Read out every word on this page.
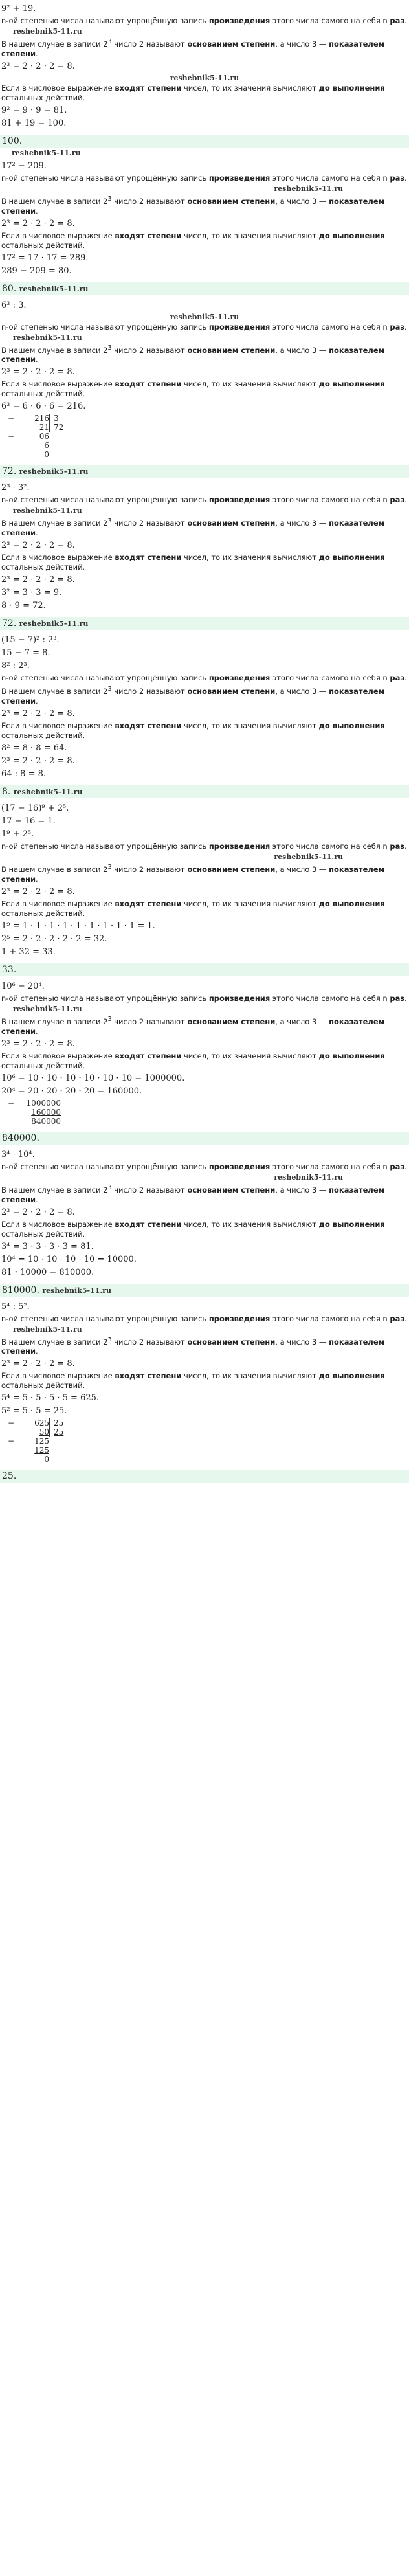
9² + 19.
n-ой степенью числа называют упрощённую запись произведения этого числа самого на себя n раз.
reshebnik5-11.ru
В нашем случае в записи $2^3$ число 2 называют основанием степени, а число 3 — показателем степени.
2³ = 2 · 2 · 2 = 8.
reshebnik5-11.ru
Если в числовое выражение входят степени чисел, то их значения вычисляют до выполнения остальных действий.
9² = 9 · 9 = 81.
81 + 19 = 100.
100.
reshebnik5-11.ru
17² − 209.
n-ой степенью числа называют упрощённую запись произведения этого числа самого на себя n раз.
reshebnik5-11.ru
В нашем случае в записи $2^3$ число 2 называют основанием степени, а число 3 — показателем степени.
2³ = 2 · 2 · 2 = 8.
Если в числовое выражение входят степени чисел, то их значения вычисляют до выполнения остальных действий.
17² = 17 · 17 = 289.
289 − 209 = 80.
80. reshebnik5-11.ru
6³ : 3.
reshebnik5-11.ru
n-ой степенью числа называют упрощённую запись произведения этого числа самого на себя n раз.
reshebnik5-11.ru
В нашем случае в записи $2^3$ число 2 называют основанием степени, а число 3 — показателем степени.
2³ = 2 · 2 · 2 = 8.
Если в числовое выражение входят степени чисел, то их значения вычисляют до выполнения остальных действий.
6³ = 6 · 6 · 6 = 216.
−	216 3
21 72
−	06
6
0
72. reshebnik5-11.ru
2³ · 3².
n-ой степенью числа называют упрощённую запись произведения этого числа самого на себя n раз.
reshebnik5-11.ru
В нашем случае в записи $2^3$ число 2 называют основанием степени, а число 3 — показателем степени.
2³ = 2 · 2 · 2 = 8.
Если в числовое выражение входят степени чисел, то их значения вычисляют до выполнения остальных действий.
2³ = 2 · 2 · 2 = 8.
3² = 3 · 3 = 9.
8 · 9 = 72.
72. reshebnik5-11.ru
(15 − 7)² : 2³.
15 − 7 = 8.
8² : 2³.
n-ой степенью числа называют упрощённую запись произведения этого числа самого на себя n раз.
В нашем случае в записи $2^3$ число 2 называют основанием степени, а число 3 — показателем степени.
2³ = 2 · 2 · 2 = 8.
Если в числовое выражение входят степени чисел, то их значения вычисляют до выполнения остальных действий.
8² = 8 · 8 = 64.
2³ = 2 · 2 · 2 = 8.
64 : 8 = 8.
8. reshebnik5-11.ru
(17 − 16)⁹ + 2⁵.
17 − 16 = 1.
1⁹ + 2⁵.
n-ой степенью числа называют упрощённую запись произведения этого числа самого на себя n раз.
reshebnik5-11.ru
В нашем случае в записи $2^3$ число 2 называют основанием степени, а число 3 — показателем степени.
2³ = 2 · 2 · 2 = 8.
Если в числовое выражение входят степени чисел, то их значения вычисляют до выполнения остальных действий.
1⁹ = 1 · 1 · 1 · 1 · 1 · 1 · 1 · 1 · 1 = 1.
2⁵ = 2 · 2 · 2 · 2 · 2 = 32.
1 + 32 = 33.
33.
10⁶ − 20⁴.
n-ой степенью числа называют упрощённую запись произведения этого числа самого на себя n раз.
reshebnik5-11.ru
В нашем случае в записи $2^3$ число 2 называют основанием степени, а число 3 — показателем степени.
2³ = 2 · 2 · 2 = 8.
Если в числовое выражение входят степени чисел, то их значения вычисляют до выполнения остальных действий.
10⁶ = 10 · 10 · 10 · 10 · 10 · 10 = 1000000.
20⁴ = 20 · 20 · 20 · 20 = 160000.
−	1000000
160000
840000
840000.
3⁴ · 10⁴.
n-ой степенью числа называют упрощённую запись произведения этого числа самого на себя n раз.
reshebnik5-11.ru
В нашем случае в записи $2^3$ число 2 называют основанием степени, а число 3 — показателем степени.
2³ = 2 · 2 · 2 = 8.
Если в числовое выражение входят степени чисел, то их значения вычисляют до выполнения остальных действий.
3⁴ = 3 · 3 · 3 · 3 = 81.
10⁴ = 10 · 10 · 10 · 10 = 10000.
81 · 10000 = 810000.
810000. reshebnik5-11.ru
5⁴ : 5².
n-ой степенью числа называют упрощённую запись произведения этого числа самого на себя n раз.
reshebnik5-11.ru
В нашем случае в записи $2^3$ число 2 называют основанием степени, а число 3 — показателем степени.
2³ = 2 · 2 · 2 = 8.
Если в числовое выражение входят степени чисел, то их значения вычисляют до выполнения остальных действий.
5⁴ = 5 · 5 · 5 · 5 = 625.
5² = 5 · 5 = 25.
−	625 25
50 25
−	125
125
0
25.
